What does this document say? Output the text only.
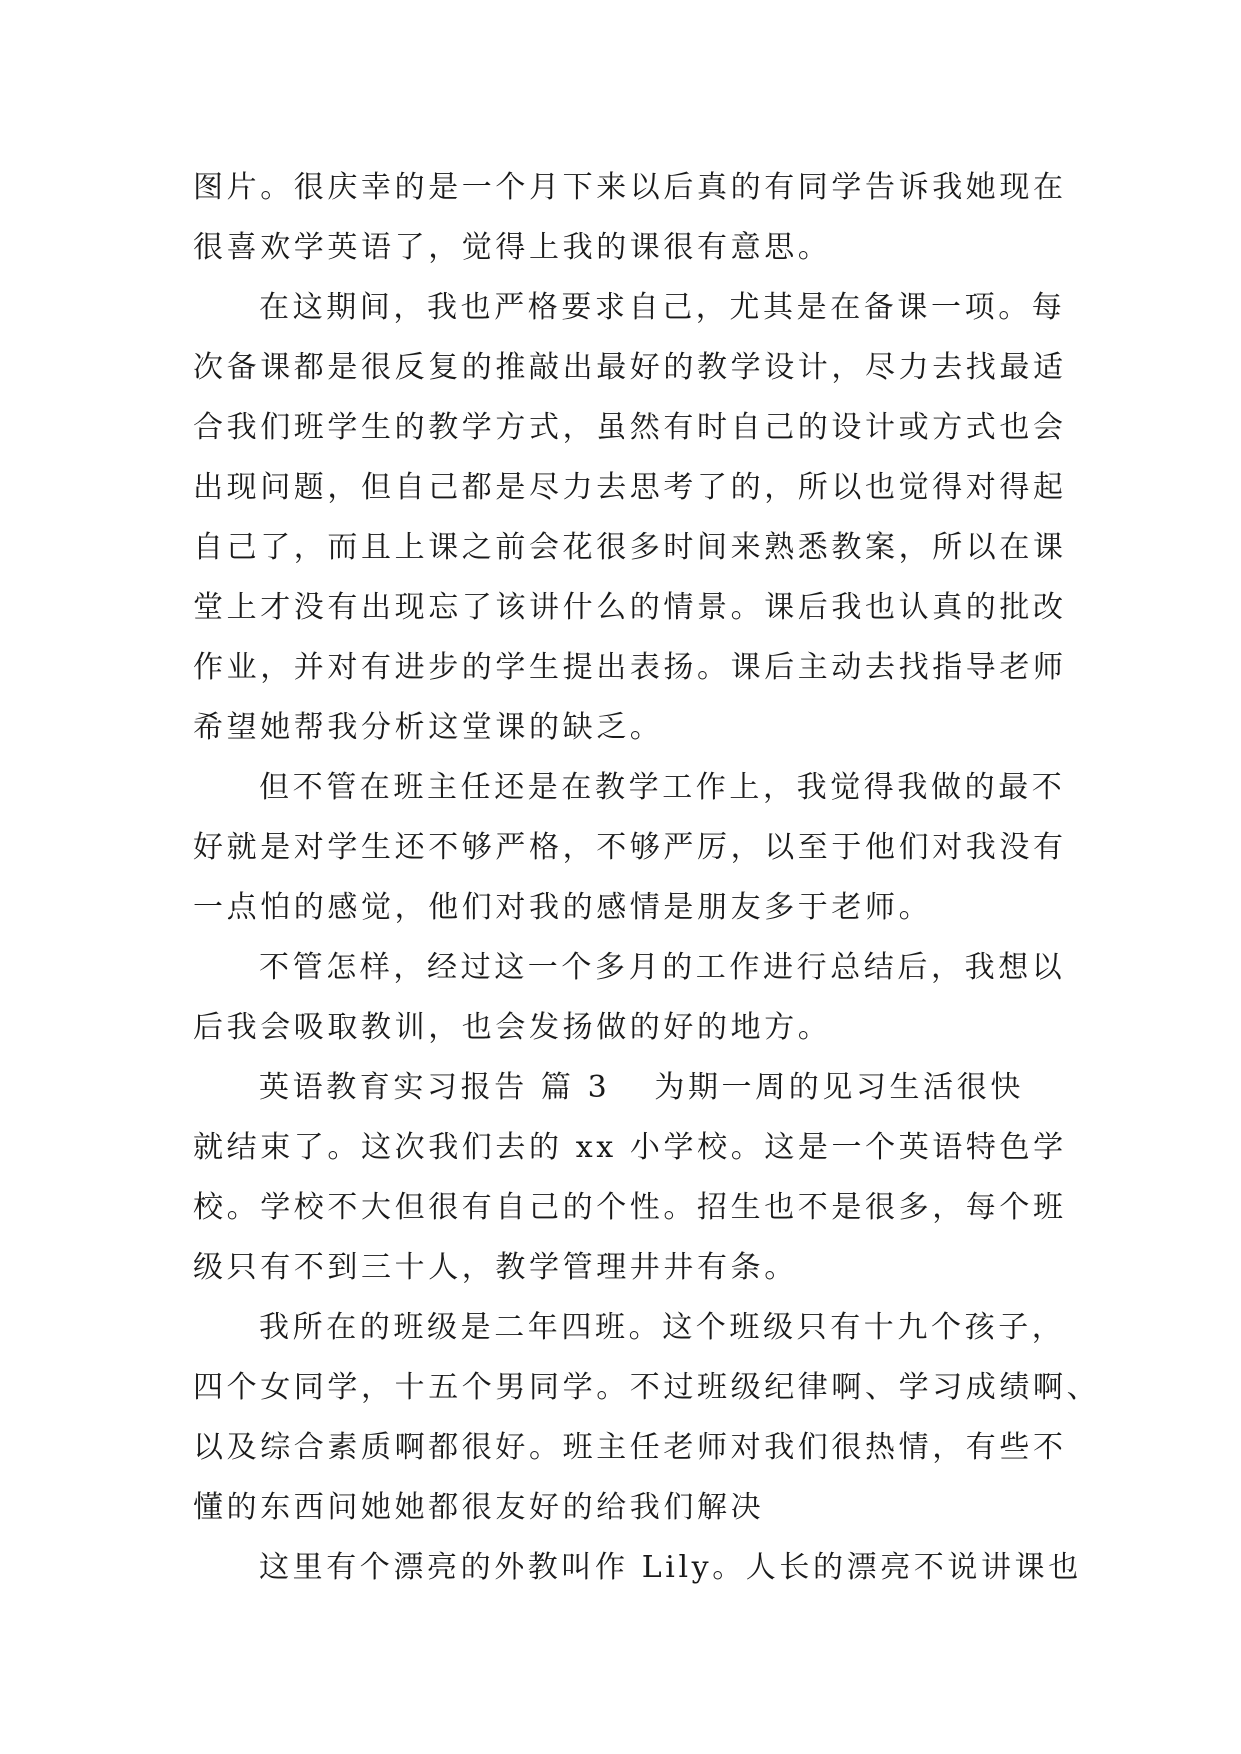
图片。很庆幸的是一个月下来以后真的有同学告诉我她现在
很喜欢学英语了，觉得上我的课很有意思。
在这期间，我也严格要求自己，尤其是在备课一项。每
次备课都是很反复的推敲出最好的教学设计，尽力去找最适
合我们班学生的教学方式，虽然有时自己的设计或方式也会
出现问题，但自己都是尽力去思考了的，所以也觉得对得起
自己了，而且上课之前会花很多时间来熟悉教案，所以在课
堂上才没有出现忘了该讲什么的情景。课后我也认真的批改
作业，并对有进步的学生提出表扬。课后主动去找指导老师
希望她帮我分析这堂课的缺乏。
但不管在班主任还是在教学工作上，我觉得我做的最不
好就是对学生还不够严格，不够严厉，以至于他们对我没有
一点怕的感觉，他们对我的感情是朋友多于老师。
不管怎样，经过这一个多月的工作进行总结后，我想以
后我会吸取教训，也会发扬做的好的地方。
英语教育实习报告 篇 3 为期一周的见习生活很快
就结束了。这次我们去的 xx 小学校。这是一个英语特色学
校。学校不大但很有自己的个性。招生也不是很多，每个班
级只有不到三十人，教学管理井井有条。
我所在的班级是二年四班。这个班级只有十九个孩子，
四个女同学，十五个男同学。不过班级纪律啊、学习成绩啊、
以及综合素质啊都很好。班主任老师对我们很热情，有些不
懂的东西问她她都很友好的给我们解决
这里有个漂亮的外教叫作 Lily。人长的漂亮不说讲课也
